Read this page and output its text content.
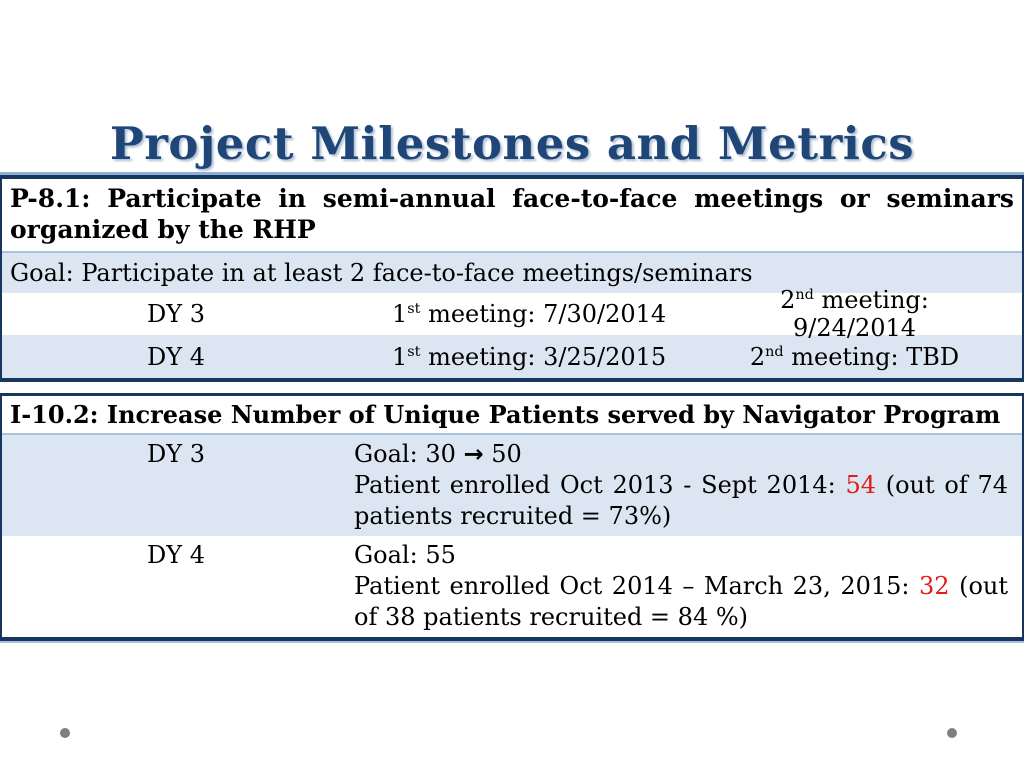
Project Milestones and Metrics
P-8.1: Participate in semi-annual face-to-face meetings or seminars organized by the RHP
Goal: Participate in at least 2 face-to-face meetings/seminars
DY 3	1st meeting: 7/30/2014	2nd meeting: 9/24/2014
DY 4	1st meeting: 3/25/2015	2nd meeting: TBD
I-10.2: Increase Number of Unique Patients served by Navigator Program
DY 3	Goal: 30 → 50

Patient enrolled Oct 2013 - Sept 2014: 54 (out of 74 patients recruited = 73%)

DY 4	Goal: 55

Patient enrolled Oct 2014 – March 23, 2015: 32 (out of 38 patients recruited = 84 %)
